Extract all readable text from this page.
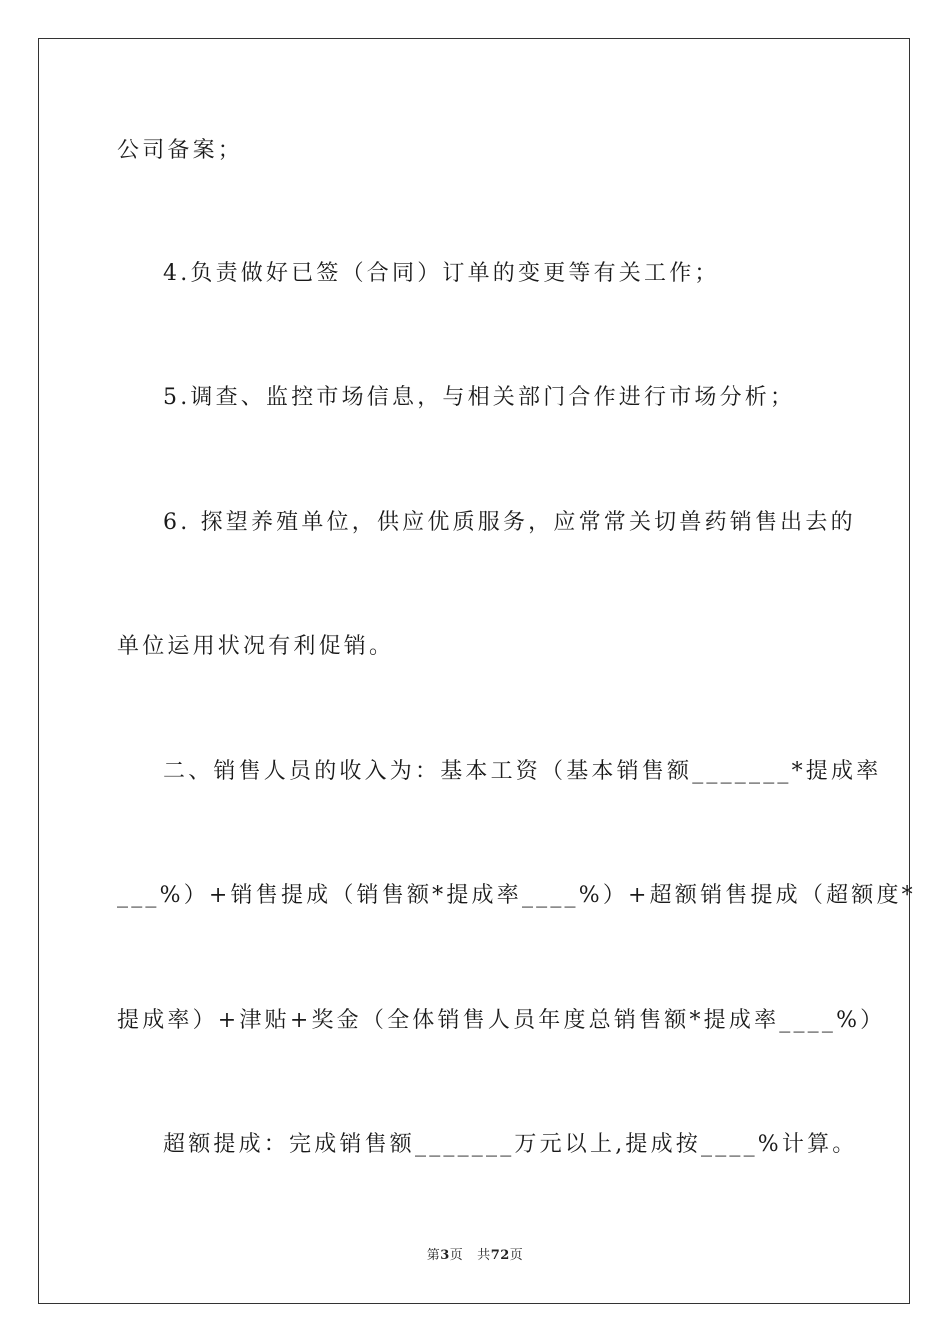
公司备案；
4.负责做好已签（合同）订单的变更等有关工作；
5.调查、监控市场信息，与相关部门合作进行市场分析；
6. 探望养殖单位，供应优质服务，应常常关切兽药销售出去的
单位运用状况有利促销。
二、销售人员的收入为：基本工资（基本销售额_______*提成率
___%）+销售提成（销售额*提成率____%）+超额销售提成（超额度*
提成率）+津贴+奖金（全体销售人员年度总销售额*提成率____%）
超额提成：完成销售额_______万元以上,提成按____%计算。
第3页 共72页
